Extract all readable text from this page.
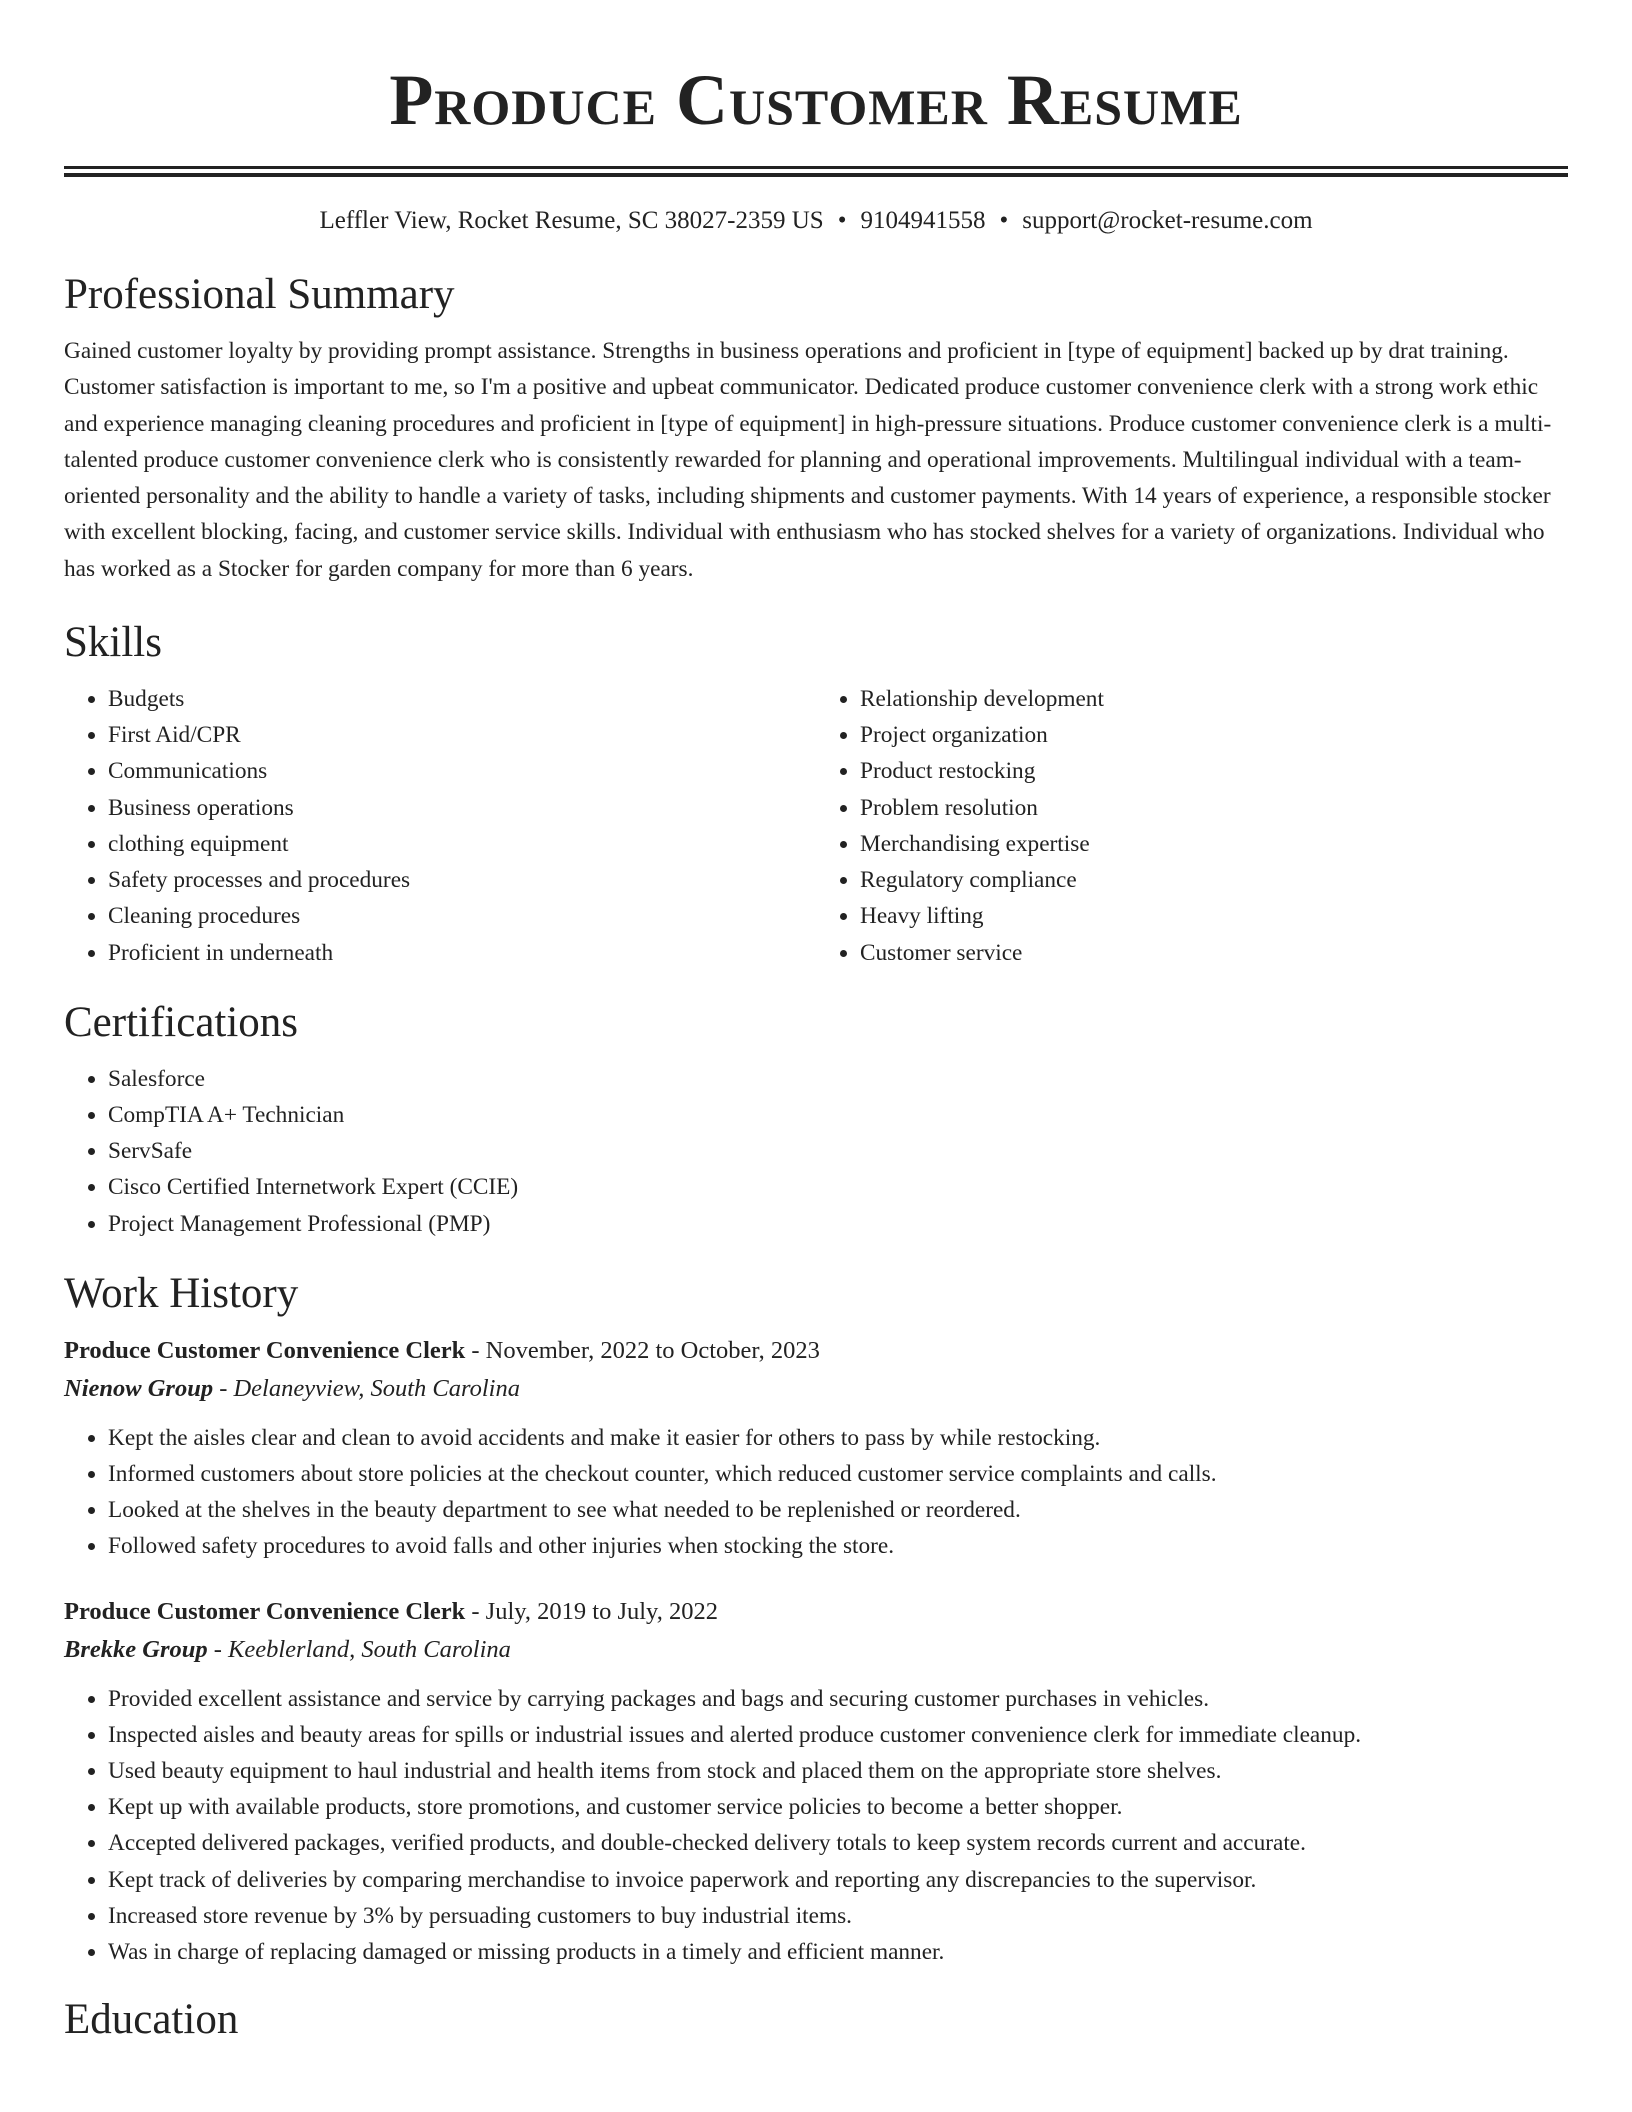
Produce Customer Resume
Leffler View, Rocket Resume, SC 38027-2359 US • 9104941558 • support@rocket-resume.com
Professional Summary

Gained customer loyalty by providing prompt assistance. Strengths in business operations and proficient in [type of equipment] backed up by drat training. Customer satisfaction is important to me, so I'm a positive and upbeat communicator. Dedicated produce customer convenience clerk with a strong work ethic and experience managing cleaning procedures and proficient in [type of equipment] in high-pressure situations. Produce customer convenience clerk is a multi-talented produce customer convenience clerk who is consistently rewarded for planning and operational improvements. Multilingual individual with a team-oriented personality and the ability to handle a variety of tasks, including shipments and customer payments. With 14 years of experience, a responsible stocker with excellent blocking, facing, and customer service skills. Individual with enthusiasm who has stocked shelves for a variety of organizations. Individual who has worked as a Stocker for garden company for more than 6 years.

Skills
• Budgets
• First Aid/CPR
• Communications
• Business operations
• clothing equipment
• Safety processes and procedures
• Cleaning procedures
• Proficient in underneath
• Relationship development
• Project organization
• Product restocking
• Problem resolution
• Merchandising expertise
• Regulatory compliance
• Heavy lifting
• Customer service
Certifications
• Salesforce
• CompTIA A+ Technician
• ServSafe
• Cisco Certified Internetwork Expert (CCIE)
• Project Management Professional (PMP)
Work History
Produce Customer Convenience Clerk - November, 2022 to October, 2023
Nienow Group - Delaneyview, South Carolina
• Kept the aisles clear and clean to avoid accidents and make it easier for others to pass by while restocking.
• Informed customers about store policies at the checkout counter, which reduced customer service complaints and calls.
• Looked at the shelves in the beauty department to see what needed to be replenished or reordered.
• Followed safety procedures to avoid falls and other injuries when stocking the store.
Produce Customer Convenience Clerk - July, 2019 to July, 2022
Brekke Group - Keeblerland, South Carolina
• Provided excellent assistance and service by carrying packages and bags and securing customer purchases in vehicles.
• Inspected aisles and beauty areas for spills or industrial issues and alerted produce customer convenience clerk for immediate cleanup.
• Used beauty equipment to haul industrial and health items from stock and placed them on the appropriate store shelves.
• Kept up with available products, store promotions, and customer service policies to become a better shopper.
• Accepted delivered packages, verified products, and double-checked delivery totals to keep system records current and accurate.
• Kept track of deliveries by comparing merchandise to invoice paperwork and reporting any discrepancies to the supervisor.
• Increased store revenue by 3% by persuading customers to buy industrial items.
• Was in charge of replacing damaged or missing products in a timely and efficient manner.
Education
